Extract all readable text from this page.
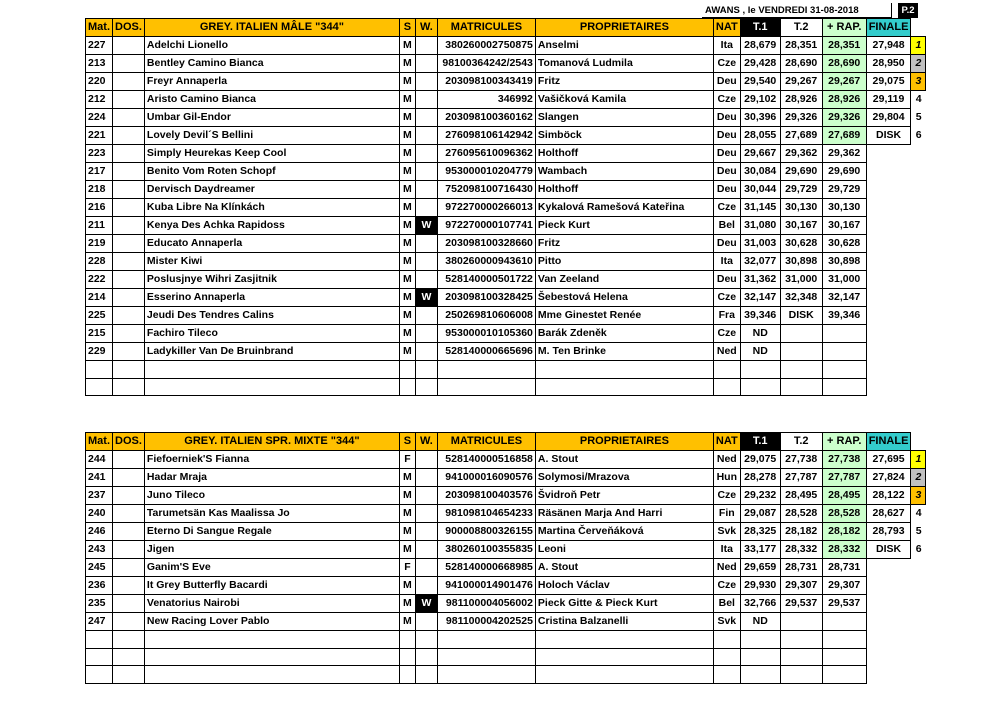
AWANS , le VENDREDI 31-08-2018	P.2
Mat.	DOS.	GREY. ITALIEN MÂLE "344"	S	W.	MATRICULES	PROPRIETAIRES	NAT	T.1	T.2	+ RAP.	FINALE	
227		Adelchi Lionello	M		380260002750875	Anselmi	Ita	28,679	28,351	28,351	27,948	1
213		Bentley Camino Bianca	M		98100364242/2543	Tomanová Ludmila	Cze	29,428	28,690	28,690	28,950	2
220		Freyr Annaperla	M		203098100343419	Fritz	Deu	29,540	29,267	29,267	29,075	3
212		Aristo Camino Bianca	M		346992	Vašičková Kamila	Cze	29,102	28,926	28,926	29,119	4
224		Umbar Gil-Endor	M		203098100360162	Slangen	Deu	30,396	29,326	29,326	29,804	5
221		Lovely Devil´S Bellini	M		276098106142942	Simböck	Deu	28,055	27,689	27,689	DISK	6
223		Simply Heurekas Keep Cool	M		276095610096362	Holthoff	Deu	29,667	29,362	29,362		
217		Benito Vom Roten Schopf	M		953000010204779	Wambach	Deu	30,084	29,690	29,690		
218		Dervisch Daydreamer	M		752098100716430	Holthoff	Deu	30,044	29,729	29,729		
216		Kuba Libre Na Klínkách	M		972270000266013	Kykalová Ramešová Kateřina	Cze	31,145	30,130	30,130		
211		Kenya Des Achka Rapidoss	M	W	972270000107741	Pieck Kurt	Bel	31,080	30,167	30,167		
219		Educato Annaperla	M		203098100328660	Fritz	Deu	31,003	30,628	30,628		
228		Mister Kiwi	M		380260000943610	Pitto	Ita	32,077	30,898	30,898		
222		Poslusjnye Wihri Zasjitnik	M		528140000501722	Van Zeeland	Deu	31,362	31,000	31,000		
214		Esserino Annaperla	M	W	203098100328425	Šebestová Helena	Cze	32,147	32,348	32,147		
225		Jeudi Des Tendres Calins	M		250269810606008	Mme Ginestet Renée	Fra	39,346	DISK	39,346		
215		Fachiro Tileco	M		953000010105360	Barák Zdeněk	Cze	ND				
229		Ladykiller Van De Bruinbrand	M		528140000665696	M. Ten Brinke	Ned	ND				

Mat.	DOS.	GREY. ITALIEN SPR. MIXTE "344"	S	W.	MATRICULES	PROPRIETAIRES	NAT	T.1	T.2	+ RAP.	FINALE	
244		Fiefoerniek'S Fianna	F		528140000516858	A. Stout	Ned	29,075	27,738	27,738	27,695	1
241		Hadar Mraja	M		941000016090576	Solymosi/Mrazova	Hun	28,278	27,787	27,787	27,824	2
237		Juno Tileco	M		203098100403576	Švidroň Petr	Cze	29,232	28,495	28,495	28,122	3
240		Tarumetsän Kas Maalissa Jo	M		981098104654233	Räsänen Marja And Harri	Fin	29,087	28,528	28,528	28,627	4
246		Eterno Di Sangue Regale	M		900008800326155	Martina Červeňáková	Svk	28,325	28,182	28,182	28,793	5
243		Jigen	M		380260100355835	Leoni	Ita	33,177	28,332	28,332	DISK	6
245		Ganim'S Eve	F		528140000668985	A. Stout	Ned	29,659	28,731	28,731		
236		It Grey Butterfly Bacardi	M		941000014901476	Holoch Václav	Cze	29,930	29,307	29,307		
235		Venatorius Nairobi	M	W	981100004056002	Pieck Gitte & Pieck Kurt	Bel	32,766	29,537	29,537		
247		New Racing Lover Pablo	M		981100004202525	Cristina Balzanelli	Svk	ND				
